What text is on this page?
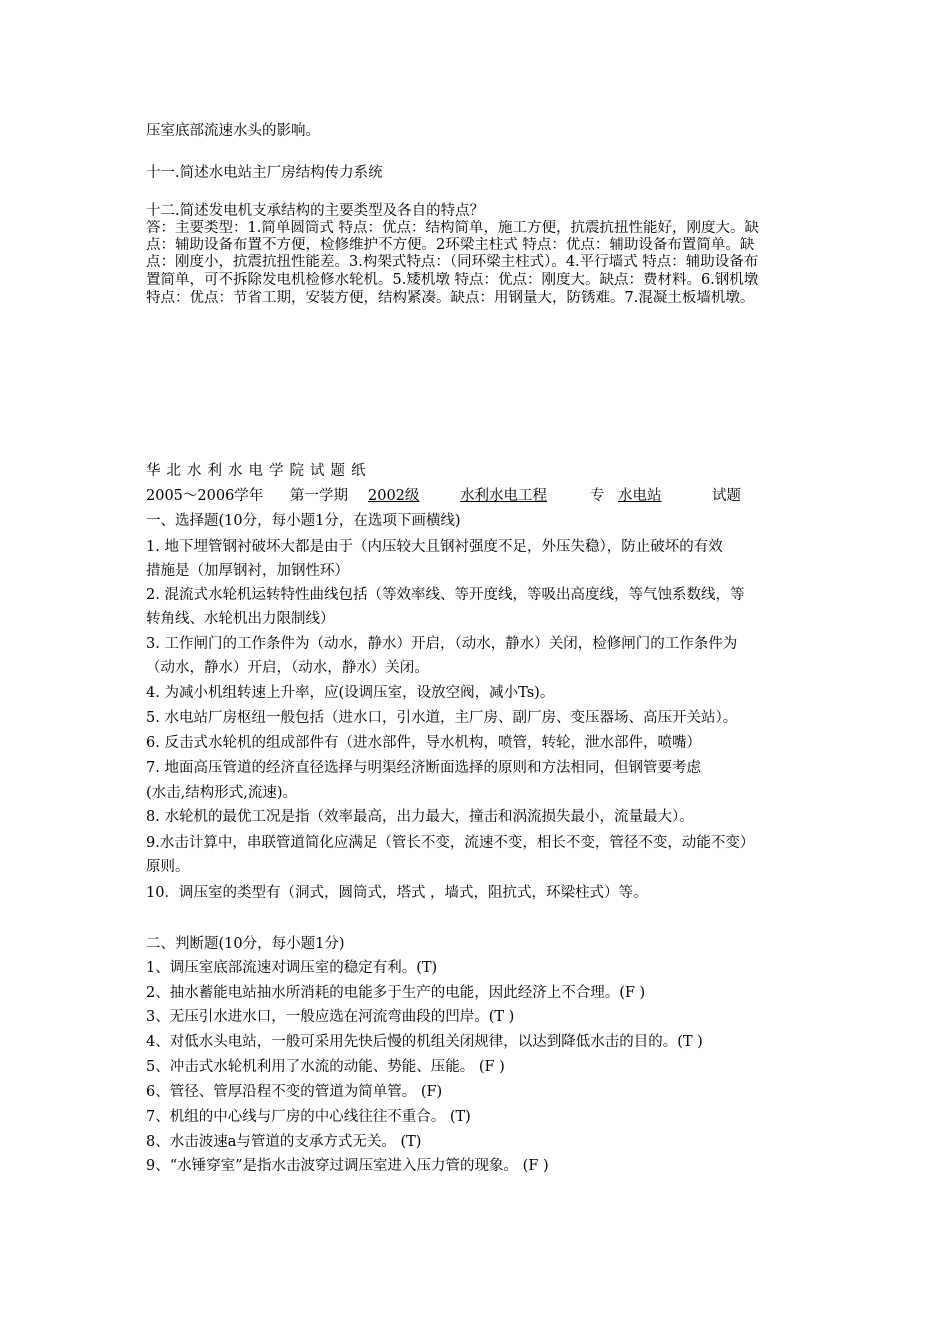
压室底部流速水头的影响。
十一.简述水电站主厂房结构传力系统
十二.简述发电机支承结构的主要类型及各自的特点？
答：主要类型：1.简单圆筒式 特点：优点：结构简单，施工方便，抗震抗扭性能好，刚度大。缺
点：辅助设备布置不方便，检修维护不方便。2环梁主柱式 特点：优点：辅助设备布置简单。缺
点：刚度小，抗震抗扭性能差。3.构架式特点：（同环梁主柱式）。4.平行墙式 特点：辅助设备布
置简单，可不拆除发电机检修水轮机。5.矮机墩 特点：优点：刚度大。缺点：费材料。6.钢机墩
特点：优点：节省工期，安装方便，结构紧凑。缺点：用钢量大，防锈难。7.混凝土板墙机墩。
华北水利水电学院试题纸
2005～2006学年 第一学期 2002级	水利水电工程	专 水电站	试题
一、选择题(10分，每小题1分，在选项下画横线)
1. 地下埋管钢衬破坏大都是由于（内压较大且钢衬强度不足，外压失稳），防止破坏的有效
措施是（加厚钢衬，加钢性环）
2. 混流式水轮机运转特性曲线包括（等效率线、等开度线，等吸出高度线，等气蚀系数线，等
转角线、水轮机出力限制线）
3. 工作闸门的工作条件为（动水，静水）开启，（动水，静水）关闭，检修闸门的工作条件为
（动水，静水）开启，（动水，静水）关闭。
4. 为减小机组转速上升率，应(设调压室，设放空阀，减小Ts)。
5. 水电站厂房枢纽一般包括（进水口，引水道，主厂房、副厂房、变压器场、高压开关站）。
6. 反击式水轮机的组成部件有（进水部件，导水机构，喷管，转轮，泄水部件，喷嘴）
7. 地面高压管道的经济直径选择与明渠经济断面选择的原则和方法相同，但钢管要考虑
(水击,结构形式,流速)。
8. 水轮机的最优工况是指（效率最高，出力最大，撞击和涡流损失最小，流量最大）。
9.水击计算中，串联管道简化应满足（管长不变，流速不变，相长不变，管径不变，动能不变）
原则。
10．调压室的类型有（洞式，圆筒式，塔式 ，墙式，阻抗式，环梁柱式）等。
二、判断题(10分，每小题1分)
1、调压室底部流速对调压室的稳定有利。(T)
2、抽水蓄能电站抽水所消耗的电能多于生产的电能，因此经济上不合理。(F )
3、无压引水进水口，一般应选在河流弯曲段的凹岸。(T )
4、对低水头电站，一般可采用先快后慢的机组关闭规律，以达到降低水击的目的。(T )
5、冲击式水轮机利用了水流的动能、势能、压能。 (F )
6、管径、管厚沿程不变的管道为简单管。 (F)
7、机组的中心线与厂房的中心线往往不重合。 (T)
8、水击波速a与管道的支承方式无关。 (T)
9、“水锤穿室”是指水击波穿过调压室进入压力管的现象。 (F )
